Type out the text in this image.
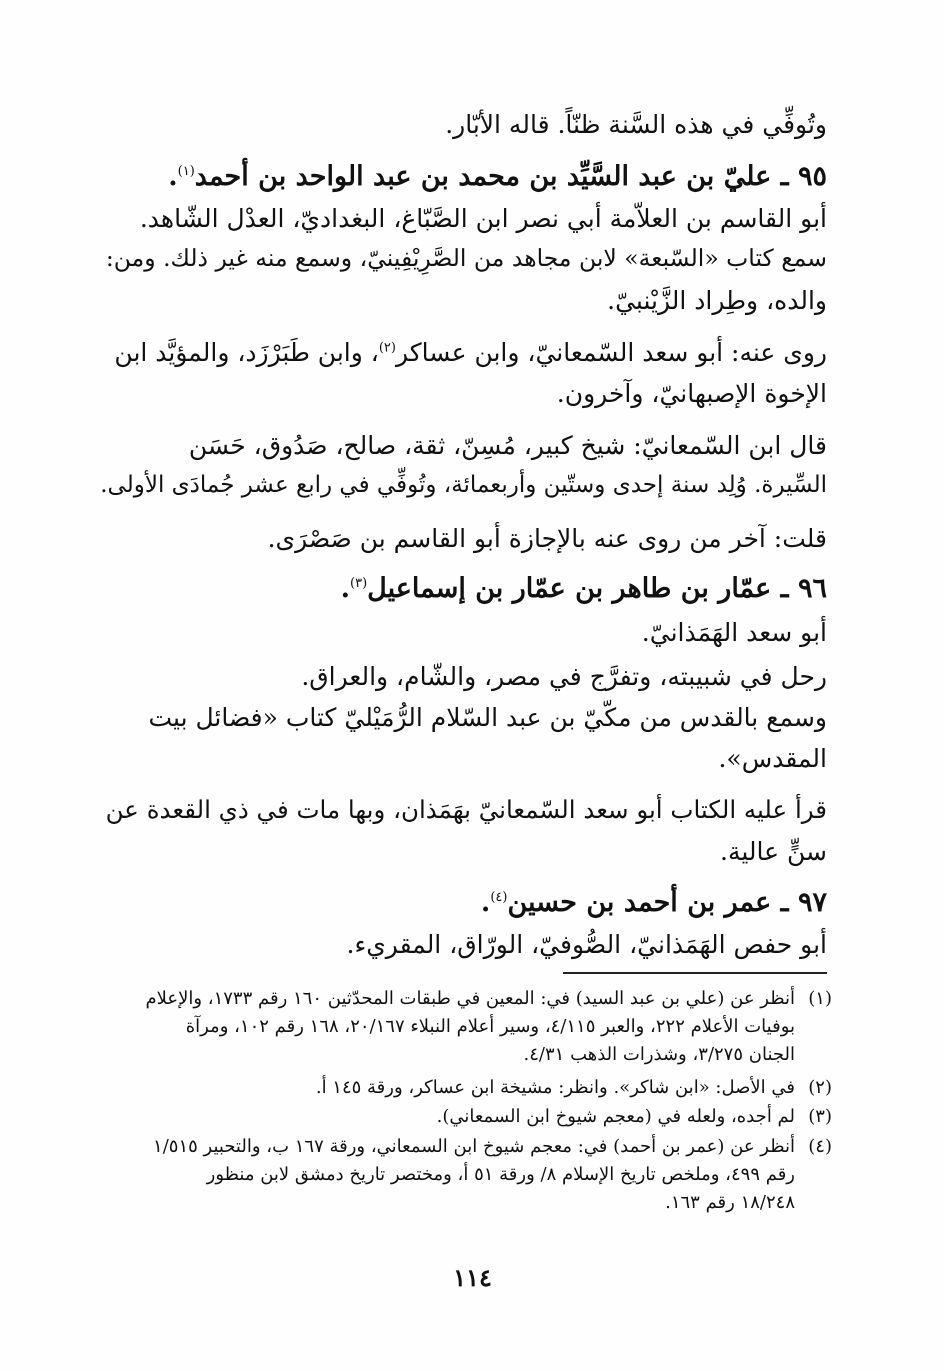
وتُوفِّي في هذه السَّنة ظنّاً. قاله الأبّار.

٩٥ ـ عليّ بن عبد السَّيِّد بن محمد بن عبد الواحد بن أحمد$^{(١)}$.

أبو القاسم بن العلاّمة أبي نصر ابن الصَّبّاغ، البغداديّ، العدْل الشّاهد.

سمع كتاب «السّبعة» لابن مجاهد من الصَّرِيْفِينيّ، وسمع منه غير ذلك. ومن:

والده، وطِراد الزَّيْنبيّ.

روى عنه: أبو سعد السّمعانيّ، وابن عساكر$^{(٢)}$، وابن طَبَرْزَد، والمؤيَّد ابن

الإخوة الإصبهانيّ، وآخرون.

قال ابن السّمعانيّ: شيخ كبير، مُسِنّ، ثقة، صالح، صَدُوق، حَسَن

السِّيرة. وُلِد سنة إحدى وستّين وأربعمائة، وتُوفِّي في رابع عشر جُمادَى الأولى.

قلت: آخر من روى عنه بالإجازة أبو القاسم بن صَصْرَى.

٩٦ ـ عمّار بن طاهر بن عمّار بن إسماعيل$^{(٣)}$.

أبو سعد الهَمَذانيّ.

رحل في شبيبته، وتفرَّج في مصر، والشّام، والعراق.

وسمع بالقدس من مكّيّ بن عبد السّلام الرُّمَيْليّ كتاب «فضائل بيت

المقدس».

قرأ عليه الكتاب أبو سعد السّمعانيّ بهَمَذان، وبها مات في ذي القعدة عن

سنٍّ عالية.

٩٧ ـ عمر بن أحمد بن حسين$^{(٤)}$.

أبو حفص الهَمَذانيّ، الصُّوفيّ، الورّاق، المقريء.

(١)

أنظر عن (علي بن عبد السيد) في: المعين في طبقات المحدّثين ١٦٠ رقم ١٧٣٣، والإعلام

بوفيات الأعلام ٢٢٢، والعبر ٤/١١٥، وسير أعلام النبلاء ٢٠/١٦٧، ١٦٨ رقم ١٠٢، ومرآة

الجنان ٣/٢٧٥، وشذرات الذهب ٤/٣١.

(٢)

في الأصل: «ابن شاكر». وانظر: مشيخة ابن عساكر، ورقة ١٤٥ أ.

(٣)

لم أجده، ولعله في (معجم شيوخ ابن السمعاني).

(٤)

أنظر عن (عمر بن أحمد) في: معجم شيوخ ابن السمعاني، ورقة ١٦٧ ب، والتحبير ١/٥١٥

رقم ٤٩٩، وملخص تاريخ الإسلام ٨/ ورقة ٥١ أ، ومختصر تاريخ دمشق لابن منظور

١٨/٢٤٨ رقم ١٦٣.

١١٤
